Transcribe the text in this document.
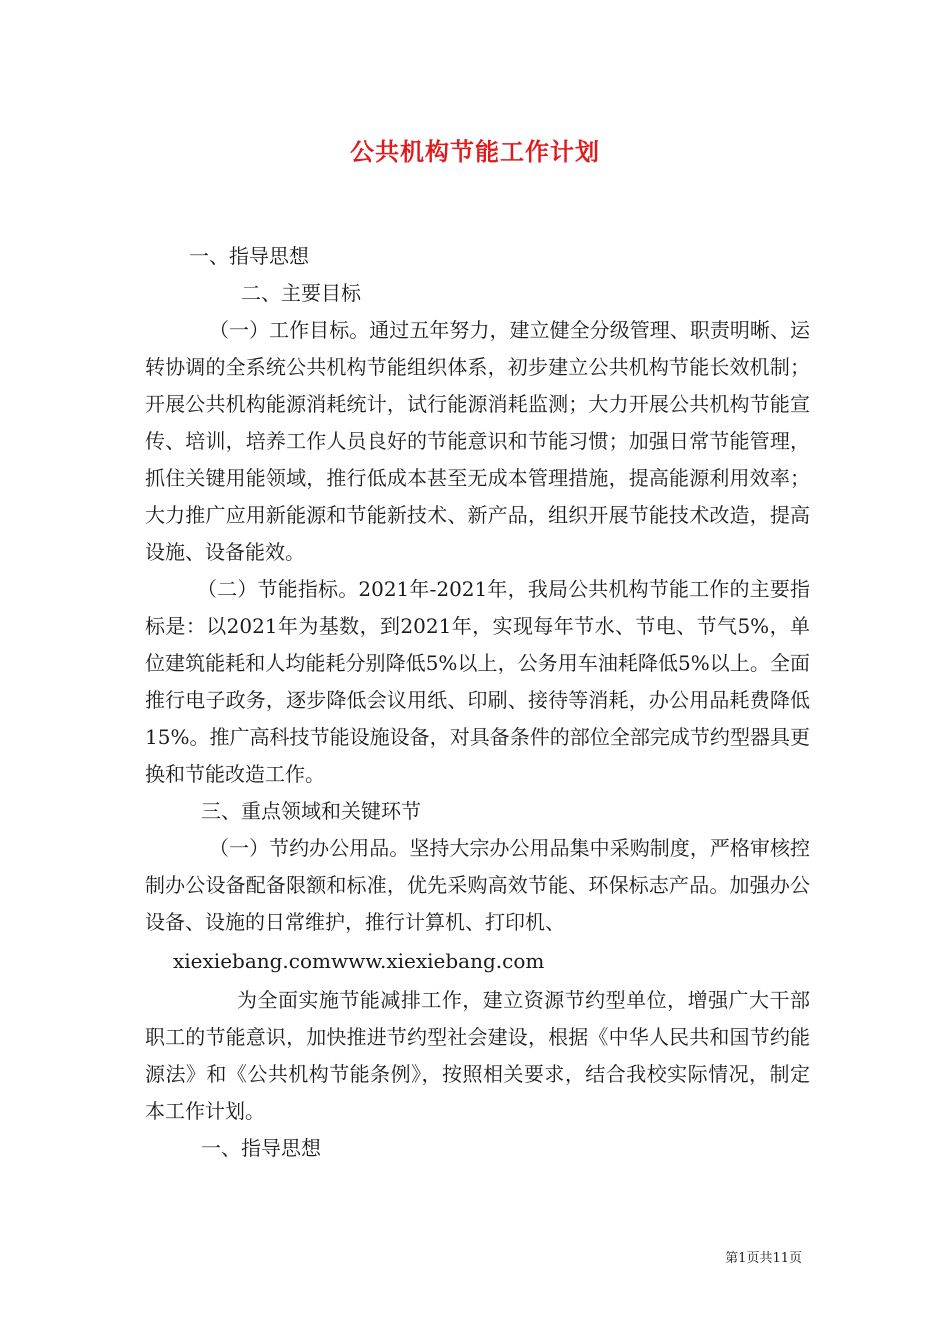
公共机构节能工作计划

一、指导思想

二、主要目标

（一）工作目标。通过五年努力，建立健全分级管理、职责明晰、运转协调的全系统公共机构节能组织体系，初步建立公共机构节能长效机制；开展公共机构能源消耗统计，试行能源消耗监测；大力开展公共机构节能宣传、培训，培养工作人员良好的节能意识和节能习惯；加强日常节能管理，抓住关键用能领域，推行低成本甚至无成本管理措施，提高能源利用效率；大力推广应用新能源和节能新技术、新产品，组织开展节能技术改造，提高设施、设备能效。

（二）节能指标。2021年-2021年，我局公共机构节能工作的主要指标是：以2021年为基数，到2021年，实现每年节水、节电、节气5%，单位建筑能耗和人均能耗分别降低5%以上，公务用车油耗降低5%以上。全面推行电子政务，逐步降低会议用纸、印刷、接待等消耗，办公用品耗费降低15%。推广高科技节能设施设备，对具备条件的部位全部完成节约型器具更换和节能改造工作。

三、重点领域和关键环节

（一）节约办公用品。坚持大宗办公用品集中采购制度，严格审核控制办公设备配备限额和标准，优先采购高效节能、环保标志产品。加强办公设备、设施的日常维护，推行计算机、打印机、

xiexiebang.comwww.xiexiebang.com

为全面实施节能减排工作，建立资源节约型单位，增强广大干部职工的节能意识，加快推进节约型社会建设，根据《中华人民共和国节约能源法》和《公共机构节能条例》，按照相关要求，结合我校实际情况，制定本工作计划。

一、指导思想

第1页共11页
